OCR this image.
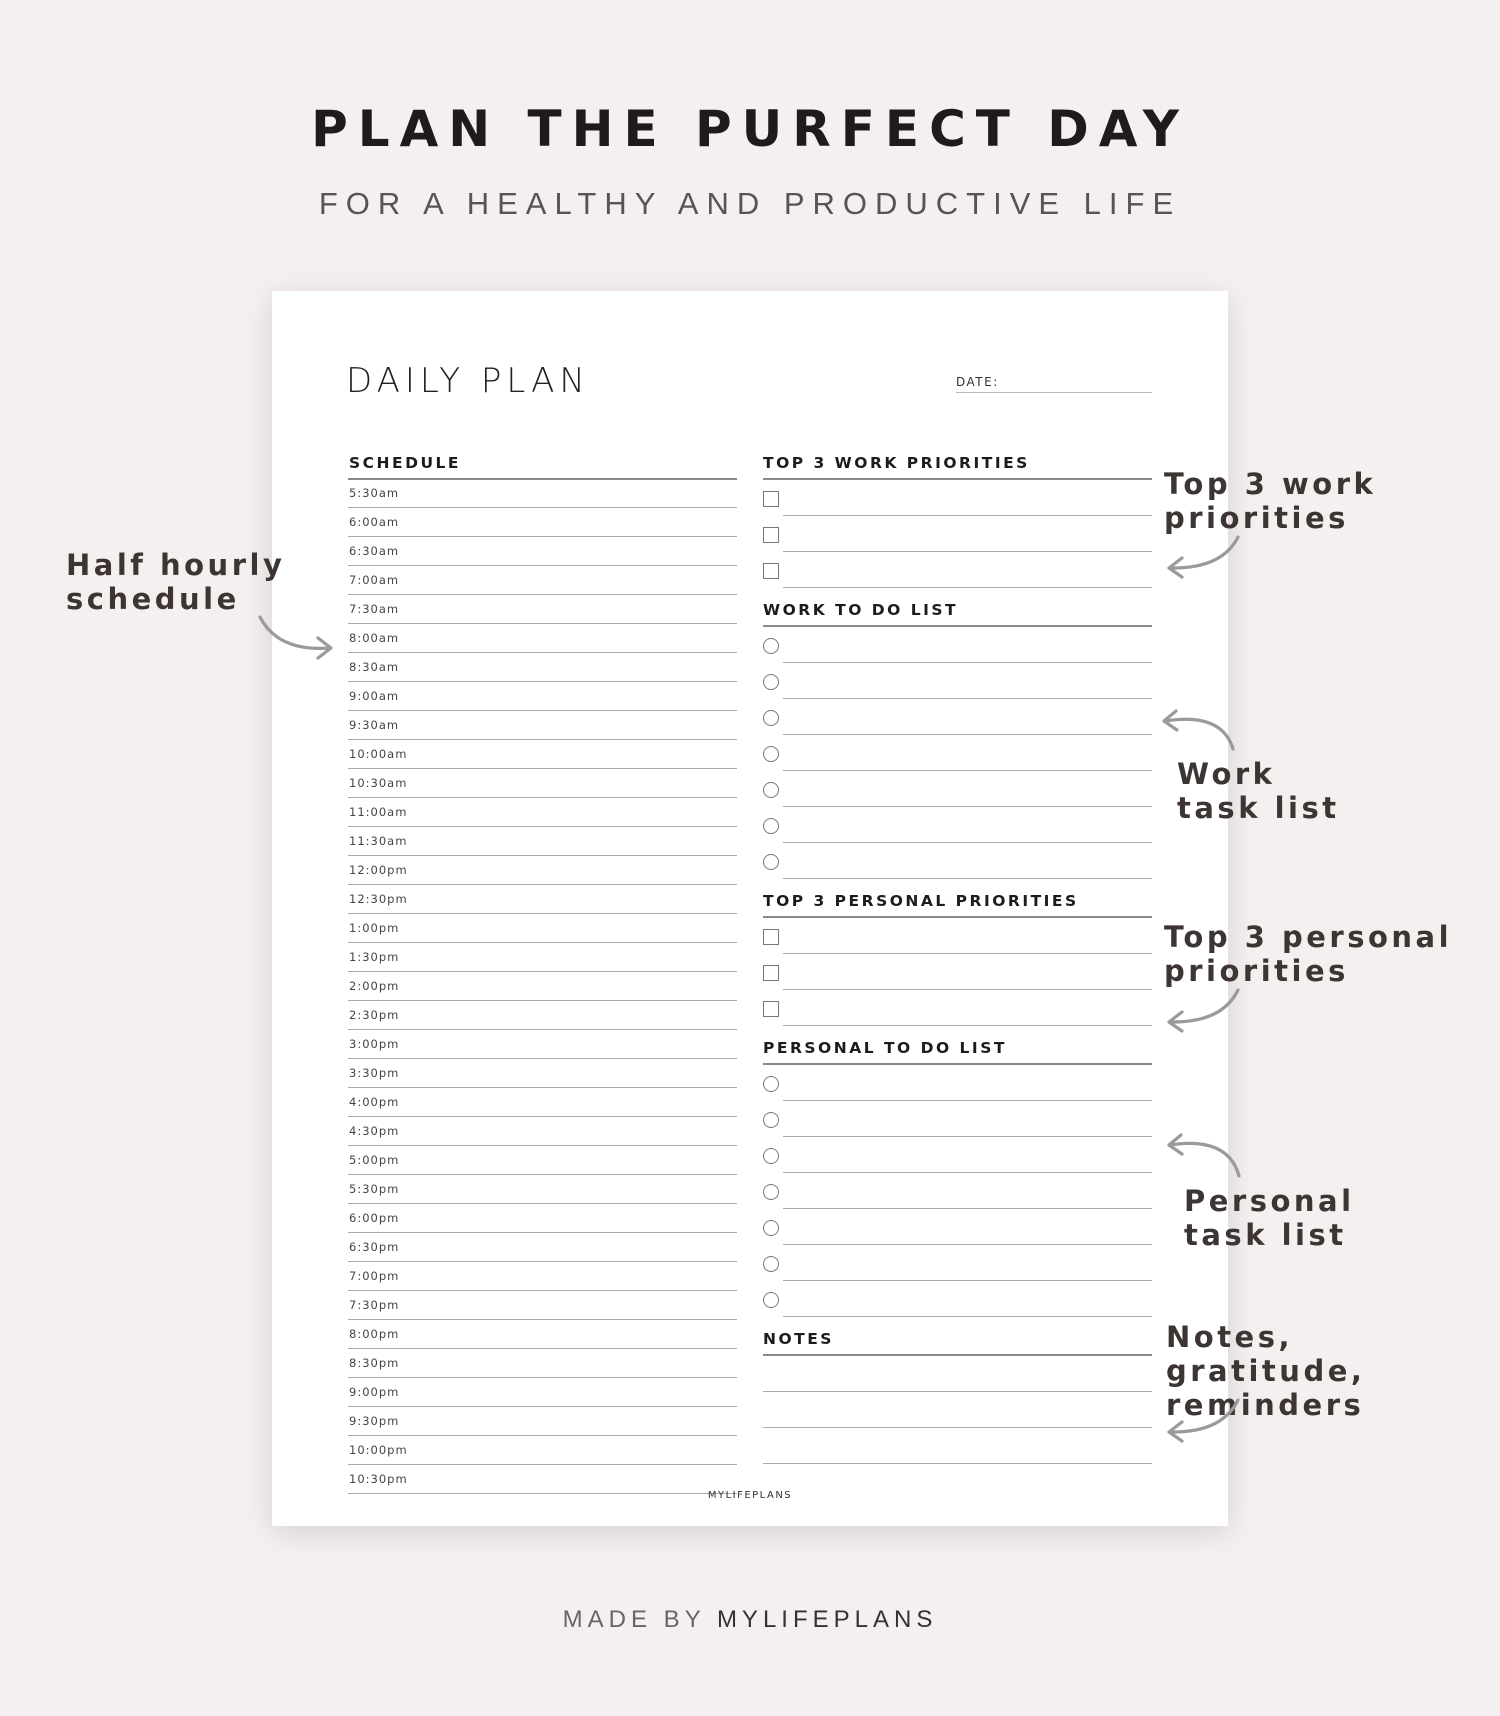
PLAN THE PURFECT DAY
FOR A HEALTHY AND PRODUCTIVE LIFE
DAILY PLAN	DATE:
SCHEDULE
5:30am
6:00am
6:30am
7:00am
7:30am
8:00am
8:30am
9:00am
9:30am
10:00am
10:30am
11:00am
11:30am
12:00pm
12:30pm
1:00pm
1:30pm
2:00pm
2:30pm
3:00pm
3:30pm
4:00pm
4:30pm
5:00pm
5:30pm
6:00pm
6:30pm
7:00pm
7:30pm
8:00pm
8:30pm
9:00pm
9:30pm
10:00pm
10:30pm
TOP 3 WORK PRIORITIES
WORK TO DO LIST
TOP 3 PERSONAL PRIORITIES
PERSONAL TO DO LIST
NOTES
MYLIFEPLANS
Half hourly
schedule
Top 3 work
priorities
Work
task list
Top 3 personal
priorities
Personal
task list
Notes, gratitude,
reminders
MADE BY MYLIFEPLANS
